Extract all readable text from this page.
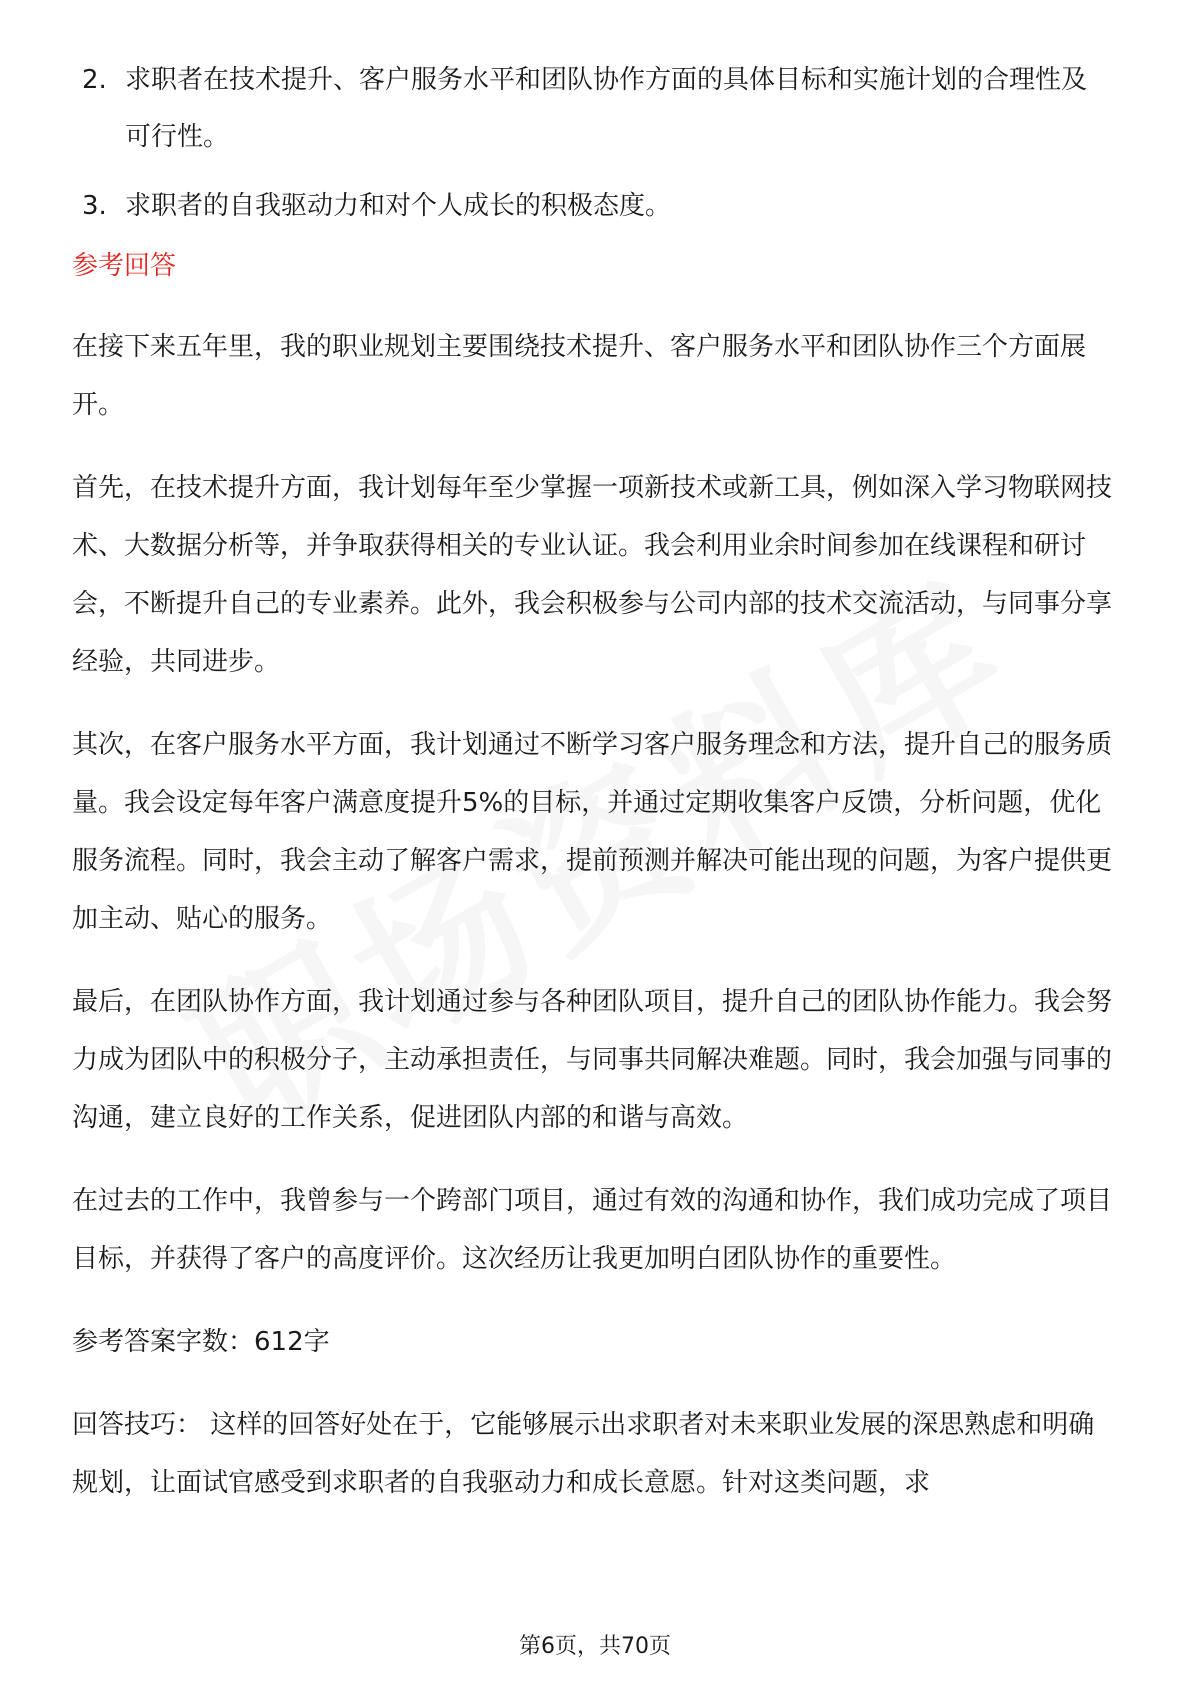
2. 求职者在技术提升、客户服务水平和团队协作方面的具体目标和实施计划的合理性及可行性。
3. 求职者的自我驱动力和对个人成长的积极态度。
参考回答

在接下来五年里，我的职业规划主要围绕技术提升、客户服务水平和团队协作三个方面展开。

首先，在技术提升方面，我计划每年至少掌握一项新技术或新工具，例如深入学习物联网技术、大数据分析等，并争取获得相关的专业认证。我会利用业余时间参加在线课程和研讨会，不断提升自己的专业素养。此外，我会积极参与公司内部的技术交流活动，与同事分享经验，共同进步。

其次，在客户服务水平方面，我计划通过不断学习客户服务理念和方法，提升自己的服务质量。我会设定每年客户满意度提升5%的目标，并通过定期收集客户反馈，分析问题，优化服务流程。同时，我会主动了解客户需求，提前预测并解决可能出现的问题，为客户提供更加主动、贴心的服务。

最后，在团队协作方面，我计划通过参与各种团队项目，提升自己的团队协作能力。我会努力成为团队中的积极分子，主动承担责任，与同事共同解决难题。同时，我会加强与同事的沟通，建立良好的工作关系，促进团队内部的和谐与高效。

在过去的工作中，我曾参与一个跨部门项目，通过有效的沟通和协作，我们成功完成了项目目标，并获得了客户的高度评价。这次经历让我更加明白团队协作的重要性。

参考答案字数：612字

回答技巧： 这样的回答好处在于，它能够展示出求职者对未来职业发展的深思熟虑和明确规划，让面试官感受到求职者的自我驱动力和成长意愿。针对这类问题，求

第6页，共70页
